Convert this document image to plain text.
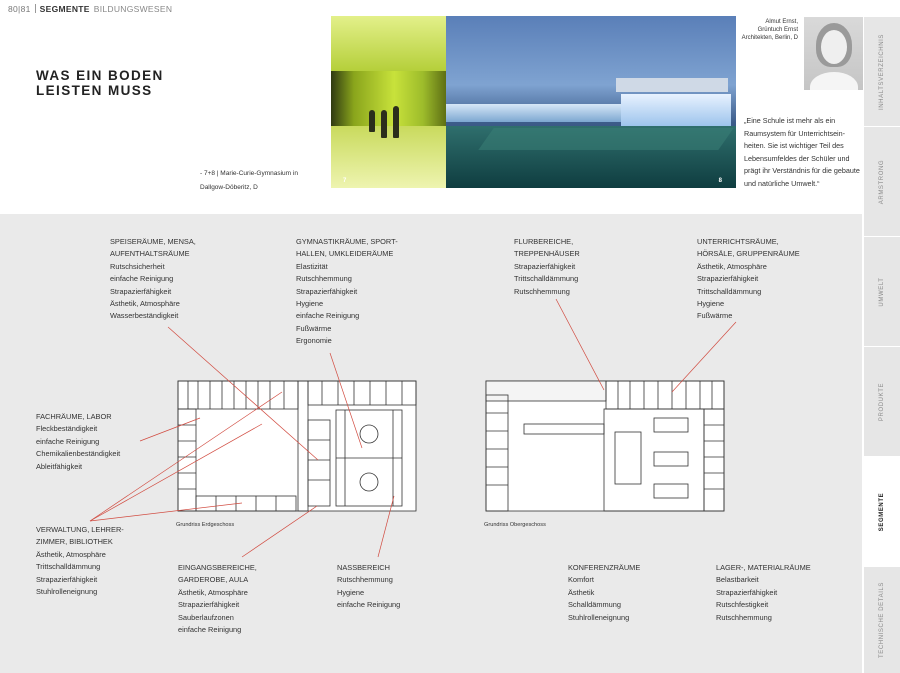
80|81 SEGMENTE BILDUNGSWESEN
WAS EIN BODEN
LEISTEN MUSS
- 7+8 | Marie-Curie-Gymnasium in Dallgow-Döberitz, D
7	8
Almut Ernst,
Grüntuch Ernst Architekten, Berlin, D
„Eine Schule ist mehr als ein Raumsystem für Unterrichtseinheiten. Sie ist wichtiger Teil des Lebensumfeldes der Schüler und prägt ihr Verständnis für die gebaute und natürliche Umwelt.“
INHALTSVERZEICHNIS
ARMSTRONG
UMWELT
PRODUKTE
SEGMENTE
TECHNISCHE DETAILS
Grundriss Erdgeschoss	Grundriss Obergeschoss
SPEISERÄUME, MENSA, AUFENTHALTSRÄUME
Rutschsicherheit
einfache Reinigung
Strapazierfähigkeit
Ästhetik, Atmosphäre
Wasserbeständigkeit
GYMNASTIKRÄUME, SPORT-HALLEN, UMKLEIDERÄUME
Elastizität
Rutschhemmung
Strapazierfähigkeit
Hygiene
einfache Reinigung
Fußwärme
Ergonomie
FLURBEREICHE, TREPPENHÄUSER
Strapazierfähigkeit
Trittschalldämmung
Rutschhemmung
UNTERRICHTSRÄUME, HÖRSÄLE, GRUPPENRÄUME
Ästhetik, Atmosphäre
Strapazierfähigkeit
Trittschalldämmung
Hygiene
Fußwärme
FACHRÄUME, LABOR
Fleckbeständigkeit
einfache Reinigung
Chemikalienbeständigkeit
Ableitfähigkeit
VERWALTUNG, LEHRER-ZIMMER, BIBLIOTHEK
Ästhetik, Atmosphäre
Trittschalldämmung
Strapazierfähigkeit
Stuhlrolleneignung
EINGANGSBEREICHE, GARDEROBE, AULA
Ästhetik, Atmosphäre
Strapazierfähigkeit
Sauberlaufzonen
einfache Reinigung
NASSBEREICH
Rutschhemmung
Hygiene
einfache Reinigung
KONFERENZRÄUME
Komfort
Ästhetik
Schalldämmung
Stuhlrolleneignung
LAGER-, MATERIALRÄUME
Belastbarkeit
Strapazierfähigkeit
Rutschfestigkeit
Rutschhemmung
